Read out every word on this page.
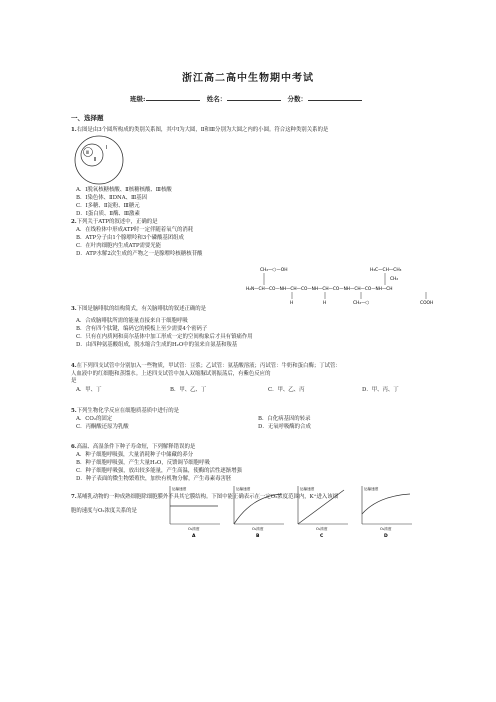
浙江高二高中生物期中考试
班级:	姓名：	分数：
一、选择题
1.右图是由3个圆所构成的类别关系图，其中Ⅰ为大圆，Ⅱ和Ⅲ分别为大圆之内的小圆。符合这种类别关系的是
Ⅰ
Ⅱ
Ⅲ
A．Ⅰ脱氧核糖核酸、Ⅱ核糖核酸、Ⅲ核酸
B．Ⅰ染色体、ⅡDNA、Ⅲ基因
C．Ⅰ多糖、Ⅱ淀粉、Ⅲ糖元
D．Ⅰ蛋白质、Ⅱ酶、Ⅲ激素
2.下列关于ATP的叙述中，正确的是
A．在线粒体中形成ATP时一定伴随着氧气的消耗
B．ATP分子由1个腺嘌呤和3个磷酸基团组成
C．在叶肉细胞内生成ATP需要光能
D．ATP水解2次生成的产物之一是腺嘌呤核糖核苷酸
CH₂—⬡—OH	H₃C—CH—CH₃
CH₂
H₂N—CH—CO—NH—CH—CO—NH—CH—CO—NH—CH—CO—NH—CH
H	H	CH₂—⬡	COOH
3.下图是脑啡肽的结构简式，有关脑啡肽的叙述正确的是
A．合成脑啡肽所需的能量直接来自于细胞呼吸
B．含有四个肽键，编码它的模板上至少需要4个密码子
C．只有在内质网和高尔基体中加工形成一定的空间构象后才具有镇痛作用
D．由四种氨基酸组成，脱水缩合生成的H₂O中的氢来自氨基和羧基
4.在下列四支试管中分别加入一些物质，甲试管：豆浆；乙试管：氨基酸溶液；丙试管：牛奶和蛋白酶；丁试管：
人血液中的红细胞和蒸馏水。上述四支试管中加入双缩脲试剂振荡后，有紫色反应的
是
A．甲、丁	B．甲、乙、丁	C．甲、乙、丙	D．甲、丙、丁
5.下列生物化学反应在细胞质基质中进行的是
A．CO₂的固定	B．白化病基因的转录
C．丙酮酸还原为乳酸	D．无氧呼吸酶的合成
6.高温、高湿条件下种子寿命短，下列解释错误的是
A．种子细胞呼吸强，大量消耗种子中储藏的养分
B．种子细胞呼吸强，产生大量H₂O，反馈调节细胞呼吸
C．种子细胞呼吸强，放出较多能量，产生高温，使酶的活性逐渐增强
D．种子表面的微生物繁殖快，加快有机物分解，产生毒素毒害胚
7.某哺乳动物的一种成熟细胞除细胞膜外不具其它膜结构。下图中能正确表示在一定O₂浓度范围内，K⁺进入该细
胞的速度与O₂浓度关系的是
运输速度
O₂浓度
A
运输速度
O₂浓度
B
运输速度
O₂浓度
C
运输速度
O₂浓度
D
